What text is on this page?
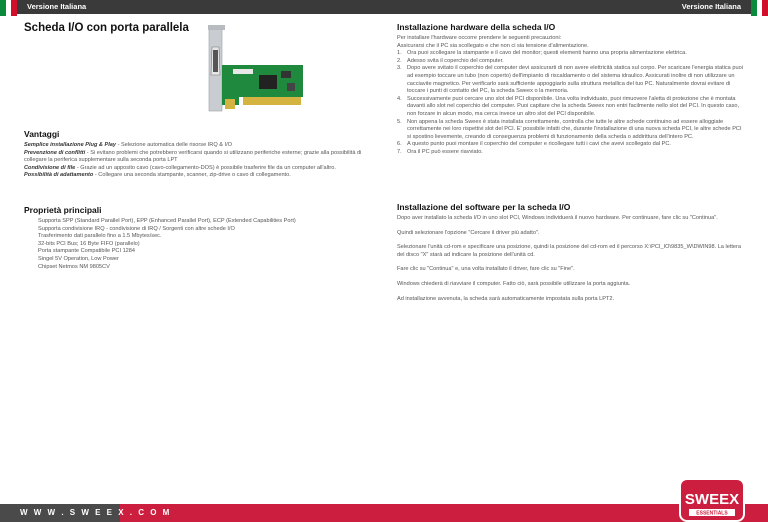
Versione Italiana	Versione Italiana
Scheda I/O con porta parallela
Vantaggi

Semplice installazione Plug & Play - Selezione automatica delle risorse IRQ & I/O

Prevenzione di conflitti - Si evitano problemi che potrebbero verificarsi quando si utilizzano periferiche esterne; grazie alla possibilità di collegare la periferica supplementare sulla seconda porta LPT

Condivisione di file - Grazie ad un apposito cavo (cavo-collegamento-DOS) è possibile trasferire file da un computer all'altro.

Possibilità di adattamento - Collegare una seconda stampante, scanner, zip-drive o cavo di collegamento.

Proprietà principali

Supporta SPP (Standard Parallel Port), EPP (Enhanced Parallel Port), ECP (Extended Capabilities Port)

Supporta condivisione IRQ - condivisione di IRQ / Sorgenti con altre schede I/O

Trasferimento dati parallelo fino a 1.5 Mbytes/sec.

32-bits PCI Bus; 16 Byte FIFO (parallelo)

Porta stampante Compatibile PCI 1284

Singel 5V Operation, Low Power

Chipset Netmos NM 9805CV

Installazione hardware della scheda I/O

Per installare l'hardware occorre prendere le seguenti precauzioni:

Assicurarsi che il PC sia scollegato e che non ci sia tensione d'alimentazione.

1. Ora puoi scollegare la stampante e il cavo del monitor; questi elementi hanno una propria alimentazione elettrica.
2. Adesso svita il coperchio del computer.
3. Dopo avere svitato il coperchio del computer devi assicurarti di non avere elettricità statica sul corpo. Per scaricare l'energia statica puoi ad esempio toccare un tubo (non coperto) dell'impianto di riscaldamento o del sistema idraulico. Assicurati inoltre di non utilizzare un cacciavite magnetico. Per verificarlo sarà sufficiente appoggiarlo sulla struttura metallica del tuo PC. Naturalmente dovrai evitare di toccare i punti di contatto del PC, la scheda Sweex o la memoria.
4. Successivamente puoi cercare uno slot del PCI disponibile. Una volta individuato, puoi rimuovere l'aletta di protezione che è montata davanti allo slot nel coperchio del computer. Puoi capitare che la scheda Sweex non entri facilmente nello slot del PCI. In questo caso, non forzare in alcun modo, ma cerca invece un altro slot del PCI disponibile.
5. Non appena la scheda Sweex è stata installata correttamente, controlla che tutte le altre schede continuino ad essere alloggiate correttamente nei loro rispettivi slot del PCI. E' possibile infatti che, durante l'installazione di una nuova scheda PCI, le altre schede PCI si spostino lievemente, creando di conseguenza problemi di funzionamento della scheda o addirittura dell'intero PC.
6. A questo punto puoi montare il coperchio del computer e ricollegare tutti i cavi che avevi scollegato dal PC.
7. Ora il PC può essere riavviato.
Installazione del software per la scheda I/O

Dopo aver installato la scheda I/O in uno slot PCI, Windows individuerà il nuovo hardware. Per continuare, fare clic su "Continua".

Quindi selezionare l'opzione "Cercare il driver più adatto".

Selezionare l'unità cd-rom e specificare una posizione, quindi la posizione del cd-rom ed il percorso X:\PCI_IO\9835_W\DWIN98. La lettera del disco "X" starà ad indicare la posizione dell'unità cd.

Fare clic su "Continua" e, una volta installato il driver, fare clic su "Fine".

Windows chiederà di riavviare il computer. Fatto ciò, sarà possibile utilizzare la porta aggiunta.

Ad installazione avvenuta, la scheda sarà automaticamente impostata sulla porta LPT2.

W W W . S W E E X . C O M
SWEEX
ESSENTIALS
